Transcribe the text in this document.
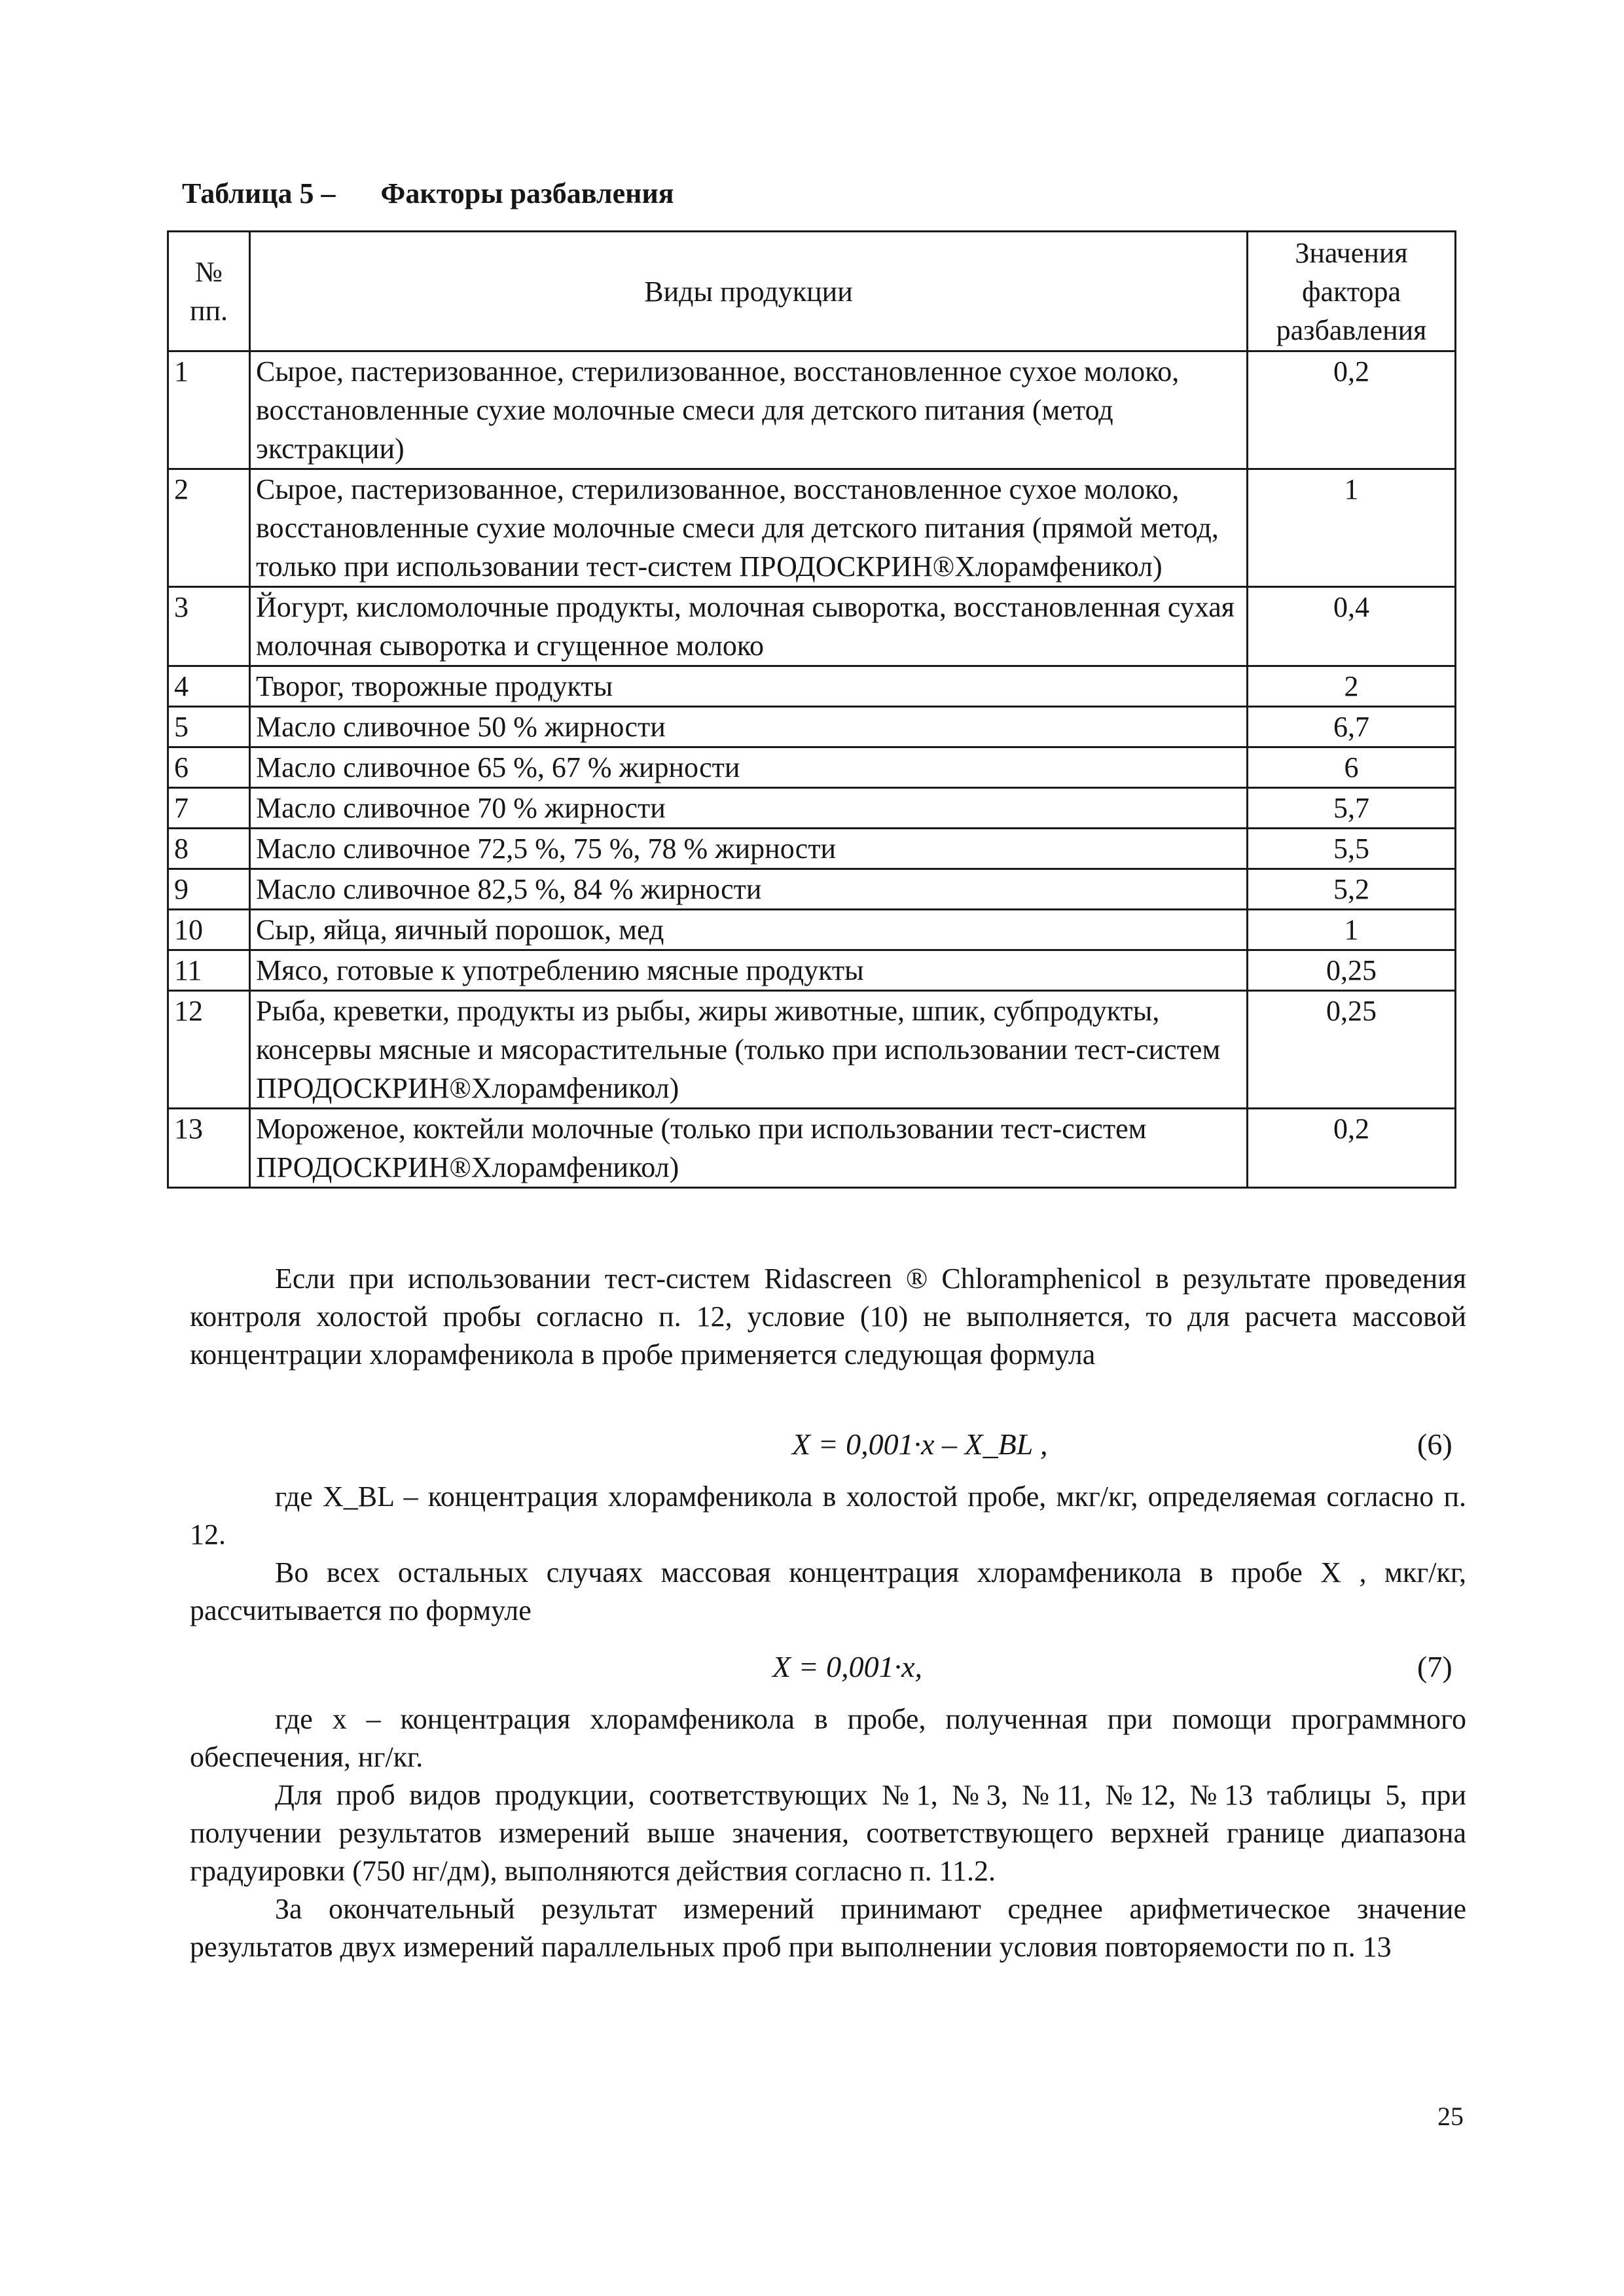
Таблица 5 – Факторы разбавления
№ пп.	Виды продукции	Значения фактора разбавления
1	Сырое, пастеризованное, стерилизованное, восстановленное сухое молоко, восстановленные сухие молочные смеси для детского питания (метод экстракции)	0,2
2	Сырое, пастеризованное, стерилизованное, восстановленное сухое молоко, восстановленные сухие молочные смеси для детского питания (прямой метод, только при использовании тест-систем ПРОДОСКРИН®Хлорамфеникол)	1
3	Йогурт, кисломолочные продукты, молочная сыворотка, восстановленная сухая молочная сыворотка и сгущенное молоко	0,4
4	Творог, творожные продукты	2
5	Масло сливочное 50 % жирности	6,7
6	Масло сливочное 65 %, 67 % жирности	6
7	Масло сливочное 70 % жирности	5,7
8	Масло сливочное 72,5 %, 75 %, 78 % жирности	5,5
9	Масло сливочное 82,5 %, 84 % жирности	5,2
10	Сыр, яйца, яичный порошок, мед	1
11	Мясо, готовые к употреблению мясные продукты	0,25
12	Рыба, креветки, продукты из рыбы, жиры животные, шпик, субпродукты, консервы мясные и мясорастительные (только при использовании тест-систем ПРОДОСКРИН®Хлорамфеникол)	0,25
13	Мороженое, коктейли молочные (только при использовании тест-систем ПРОДОСКРИН®Хлорамфеникол)	0,2

Если при использовании тест-систем Ridascreen ® Chloramphenicol в результате проведения контроля холостой пробы согласно п. 12, условие (10) не выполняется, то для расчета массовой концентрации хлорамфеникола в пробе применяется следующая формула

X = 0,001·x – X_BL ,	(6)

где X_BL – концентрация хлорамфеникола в холостой пробе, мкг/кг, определяемая согласно п. 12.

Во всех остальных случаях массовая концентрация хлорамфеникола в пробе X , мкг/кг, рассчитывается по формуле

X = 0,001·x,	(7)

где x – концентрация хлорамфеникола в пробе, полученная при помощи программного обеспечения, нг/кг.

Для проб видов продукции, соответствующих №1, №3, №11, №12, №13 таблицы 5, при получении результатов измерений выше значения, соответствующего верхней границе диапазона градуировки (750 нг/дм), выполняются действия согласно п. 11.2.

За окончательный результат измерений принимают среднее арифметическое значение результатов двух измерений параллельных проб при выполнении условия повторяемости по п. 13

25
